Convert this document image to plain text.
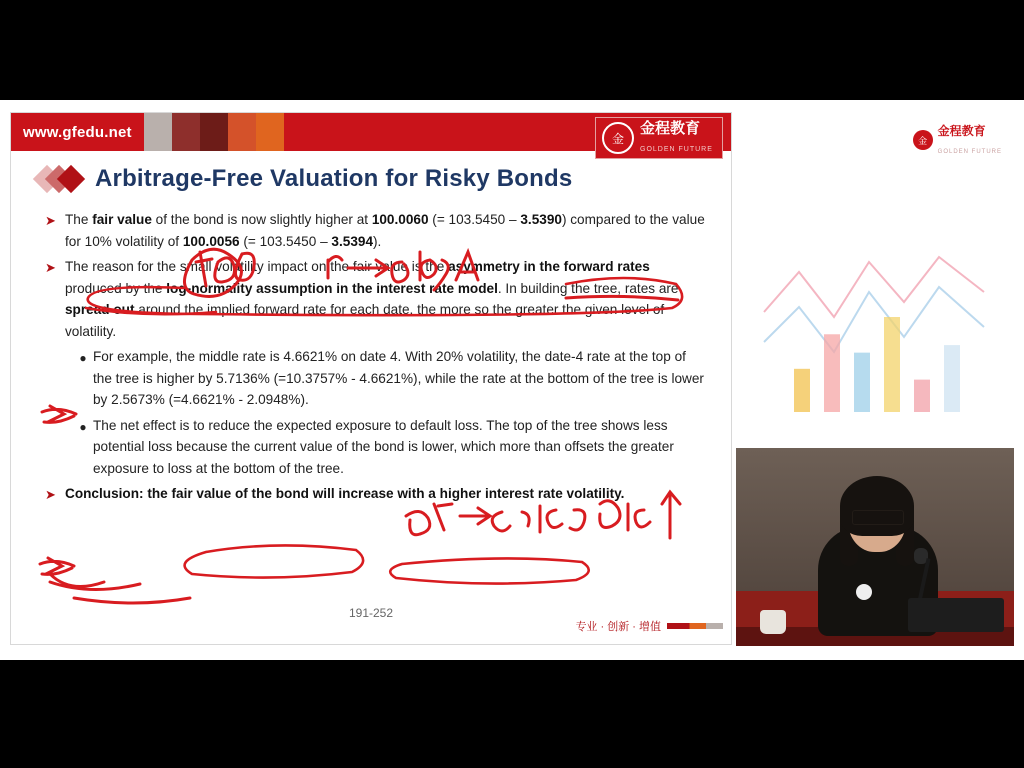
www.gfedu.net	金
金程教育
GOLDEN FUTURE
Arbitrage-Free Valuation for Risky Bonds
➤ The fair value of the bond is now slightly higher at 100.0060 (= 103.5450 – 3.5390) compared to the value for 10% volatility of 100.0056 (= 103.5450 – 3.5394).
➤ The reason for the small volatility impact on the fair value is the asymmetry in the forward rates produced by the log-normality assumption in the interest rate model. In building the tree, rates are spread out around the implied forward rate for each date, the more so the greater the given level of volatility.
● For example, the middle rate is 4.6621% on date 4. With 20% volatility, the date-4 rate at the top of the tree is higher by 5.7136% (=10.3757% - 4.6621%), while the rate at the bottom of the tree is lower by 2.5673% (=4.6621% - 2.0948%).
● The net effect is to reduce the expected exposure to default loss. The top of the tree shows less potential loss because the current value of the bond is lower, which more than offsets the greater exposure to loss at the bottom of the tree.
➤ Conclusion: the fair value of the bond will increase with a higher interest rate volatility.
191-252
专业 · 创新 · 增值
金
金程教育
GOLDEN FUTURE
